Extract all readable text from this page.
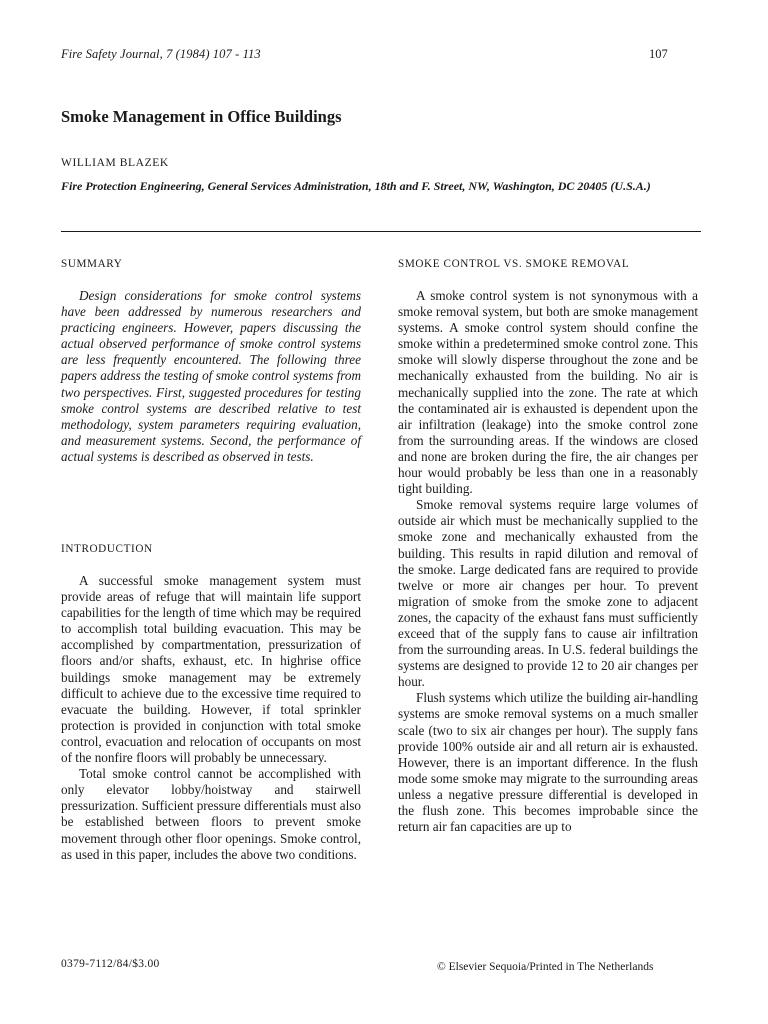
Fire Safety Journal, 7 (1984) 107 - 113	107
Smoke Management in Office Buildings
WILLIAM BLAZEK
Fire Protection Engineering, General Services Administration, 18th and F. Street, NW, Washington, DC 20405 (U.S.A.)
SUMMARY

Design considerations for smoke control systems have been addressed by numerous researchers and practicing engineers. However, papers discussing the actual observed performance of smoke control systems are less frequently encountered. The following three papers address the testing of smoke control systems from two perspectives. First, suggested procedures for testing smoke control systems are described relative to test methodology, system parameters requiring evaluation, and measurement systems. Second, the performance of actual systems is described as observed in tests.

INTRODUCTION

A successful smoke management system must provide areas of refuge that will maintain life support capabilities for the length of time which may be required to accomplish total building evacuation. This may be accomplished by compartmentation, pressurization of floors and/or shafts, exhaust, etc. In highrise office buildings smoke management may be extremely difficult to achieve due to the excessive time required to evacuate the building. However, if total sprinkler protection is provided in conjunction with total smoke control, evacuation and relocation of occupants on most of the nonfire floors will probably be unnecessary.

Total smoke control cannot be accomplished with only elevator lobby/hoistway and stairwell pressurization. Sufficient pressure differentials must also be established between floors to prevent smoke movement through other floor openings. Smoke control, as used in this paper, includes the above two conditions.

SMOKE CONTROL VS. SMOKE REMOVAL

A smoke control system is not synonymous with a smoke removal system, but both are smoke management systems. A smoke control system should confine the smoke within a predetermined smoke control zone. This smoke will slowly disperse throughout the zone and be mechanically exhausted from the building. No air is mechanically supplied into the zone. The rate at which the contaminated air is exhausted is dependent upon the air infiltration (leakage) into the smoke control zone from the surrounding areas. If the windows are closed and none are broken during the fire, the air changes per hour would probably be less than one in a reasonably tight building.

Smoke removal systems require large volumes of outside air which must be mechanically supplied to the smoke zone and mechanically exhausted from the building. This results in rapid dilution and removal of the smoke. Large dedicated fans are required to provide twelve or more air changes per hour. To prevent migration of smoke from the smoke zone to adjacent zones, the capacity of the exhaust fans must sufficiently exceed that of the supply fans to cause air infiltration from the surrounding areas. In U.S. federal buildings the systems are designed to provide 12 to 20 air changes per hour.

Flush systems which utilize the building air-handling systems are smoke removal systems on a much smaller scale (two to six air changes per hour). The supply fans provide 100% outside air and all return air is exhausted. However, there is an important difference. In the flush mode some smoke may migrate to the surrounding areas unless a negative pressure differential is developed in the flush zone. This becomes improbable since the return air fan capacities are up to

0379-7112/84/$3.00	© Elsevier Sequoia/Printed in The Netherlands
